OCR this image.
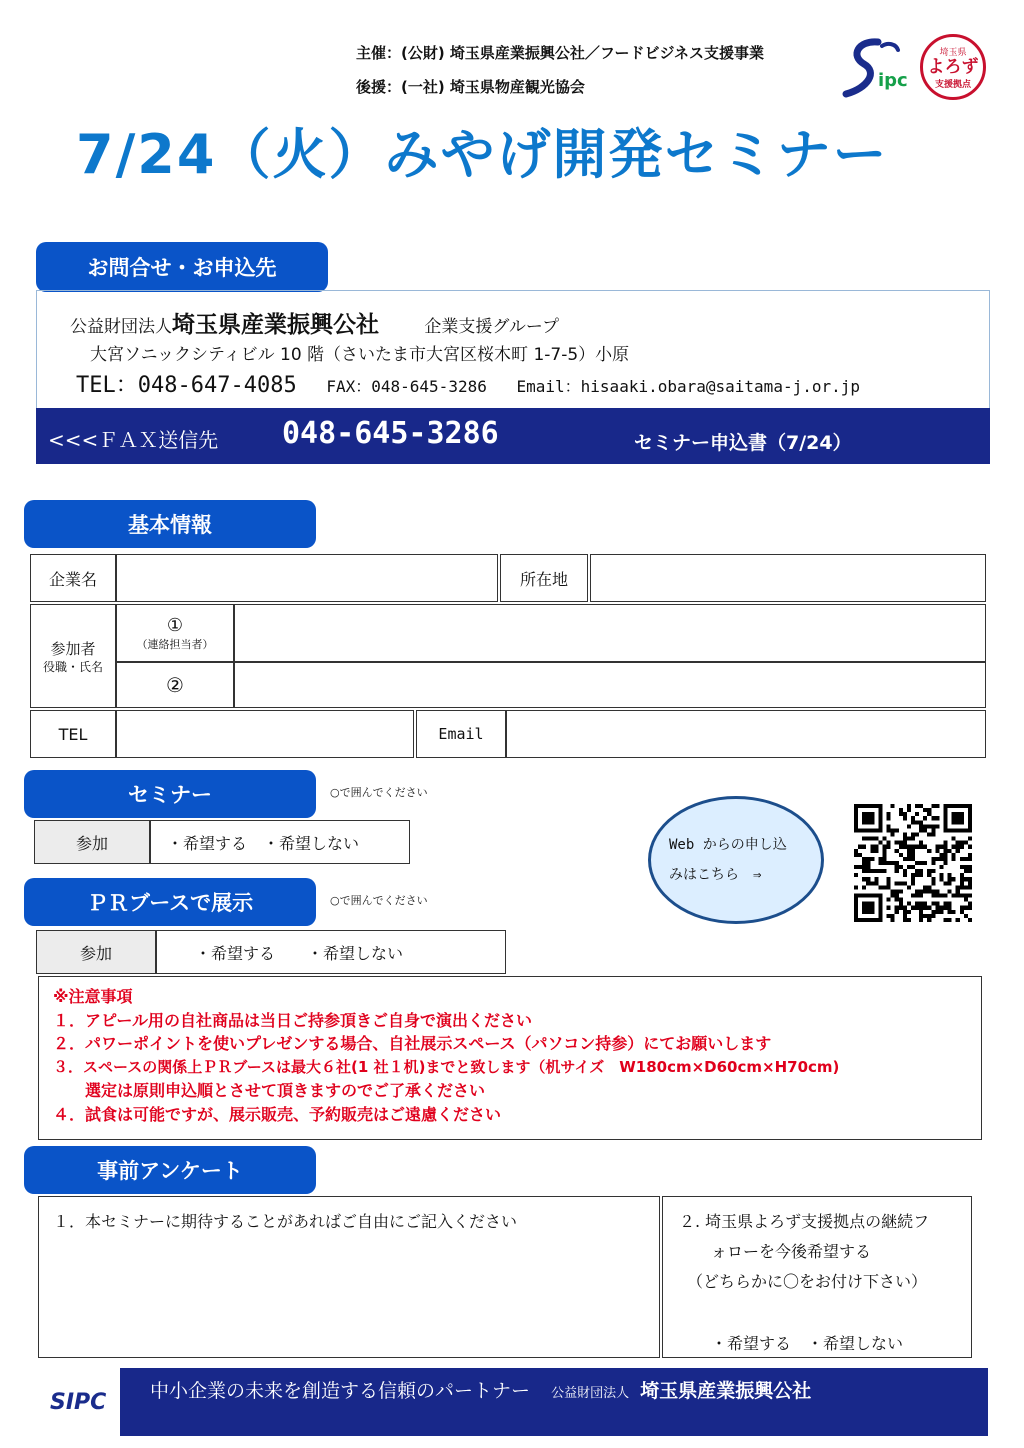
主催：(公財) 埼玉県産業振興公社／フードビジネス支援事業
後援：(一社) 埼玉県物産観光協会	ipc
埼玉県
よろず
支援拠点
7/24（火）みやげ開発セミナー
お問合せ・お申込先
公益財団法人埼玉県産業振興公社	企業支援グループ
大宮ソニックシティビル 10 階（さいたま市大宮区桜木町 1-7-5）小原
TEL：048-647-4085 FAX：048-645-3286 Email：hisaaki.obara@saitama-j.or.jp
<<<ＦＡＸ送信先 048-645-3286	セミナー申込書（7/24）
基本情報
企業名	所在地
参加者
役職・氏名
①
（連絡担当者）
②
TEL	Email
セミナー	○で囲んでください
参加	・希望する　・希望しない	Web からの申し込
みはこちら　⇒
ＰＲブースで展示	○で囲んでください
参加	・希望する　　・希望しない
※注意事項
１．アピール用の自社商品は当日ご持参頂きご自身で演出ください
２．パワーポイントを使いプレゼンする場合、自社展示スペース（パソコン持参）にてお願いします
３．スペースの関係上ＰＲブースは最大６社(1 社１机)までと致します（机サイズ　W180cm×D60cm×H70cm)
　　選定は原則申込順とさせて頂きますのでご了承ください
４．試食は可能ですが、展示販売、予約販売はご遠慮ください
事前アンケート
１．本セミナーに期待することがあればご自由にご記入ください	２. 埼玉県よろず支援拠点の継続フ
ォローを今後希望する
（どちらかに〇をお付け下さい）
・希望する　・希望しない
SIPC 中小企業の未来を創造する信頼のパートナー 公益財団法人 埼玉県産業振興公社
